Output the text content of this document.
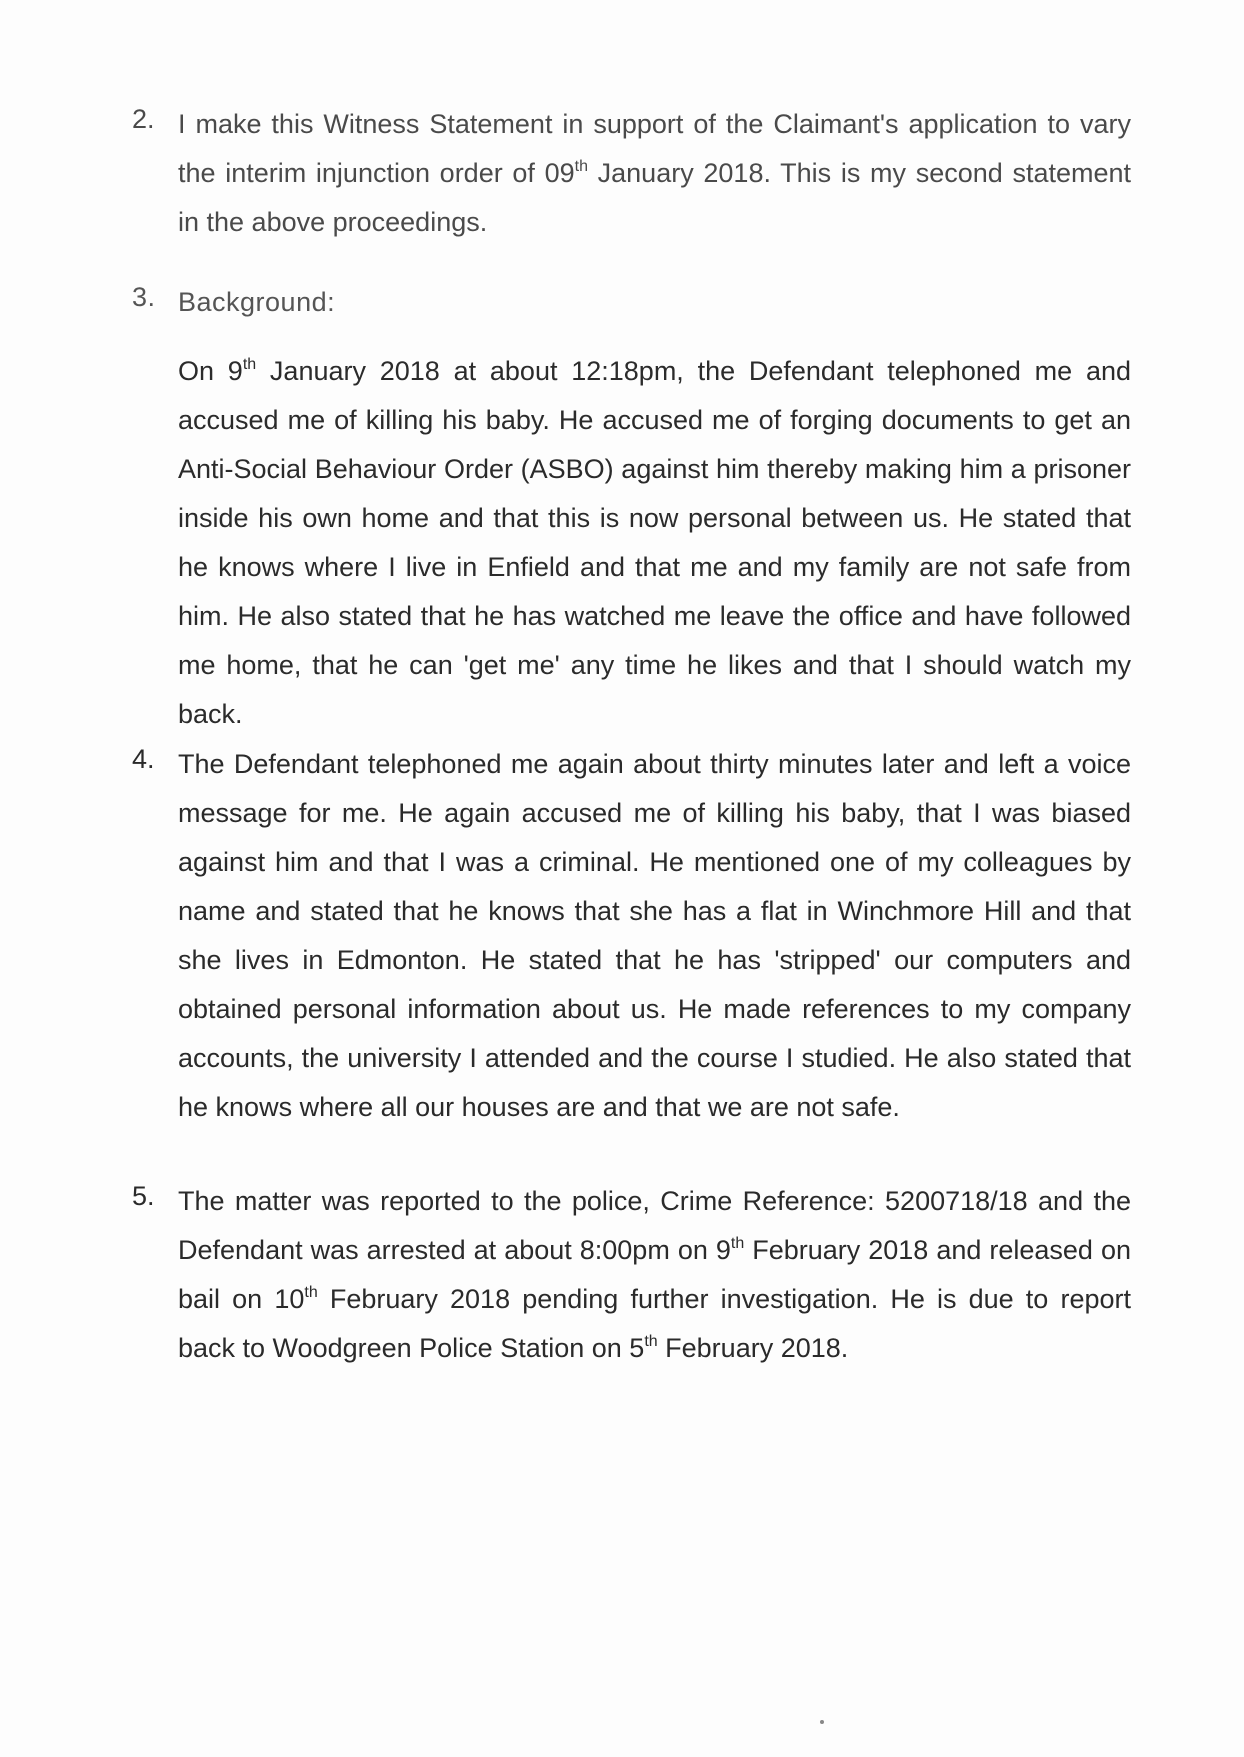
2. I make this Witness Statement in support of the Claimant's application to vary the interim injunction order of 09th January 2018. This is my second statement in the above proceedings.
3. Background:
On 9th January 2018 at about 12:18pm, the Defendant telephoned me and accused me of killing his baby. He accused me of forging documents to get an Anti-Social Behaviour Order (ASBO) against him thereby making him a prisoner inside his own home and that this is now personal between us. He stated that he knows where I live in Enfield and that me and my family are not safe from him. He also stated that he has watched me leave the office and have followed me home, that he can 'get me' any time he likes and that I should watch my back.
4. The Defendant telephoned me again about thirty minutes later and left a voice message for me. He again accused me of killing his baby, that I was biased against him and that I was a criminal. He mentioned one of my colleagues by name and stated that he knows that she has a flat in Winchmore Hill and that she lives in Edmonton. He stated that he has 'stripped' our computers and obtained personal information about us. He made references to my company accounts, the university I attended and the course I studied. He also stated that he knows where all our houses are and that we are not safe.
5. The matter was reported to the police, Crime Reference: 5200718/18 and the Defendant was arrested at about 8:00pm on 9th February 2018 and released on bail on 10th February 2018 pending further investigation. He is due to report back to Woodgreen Police Station on 5th February 2018.
